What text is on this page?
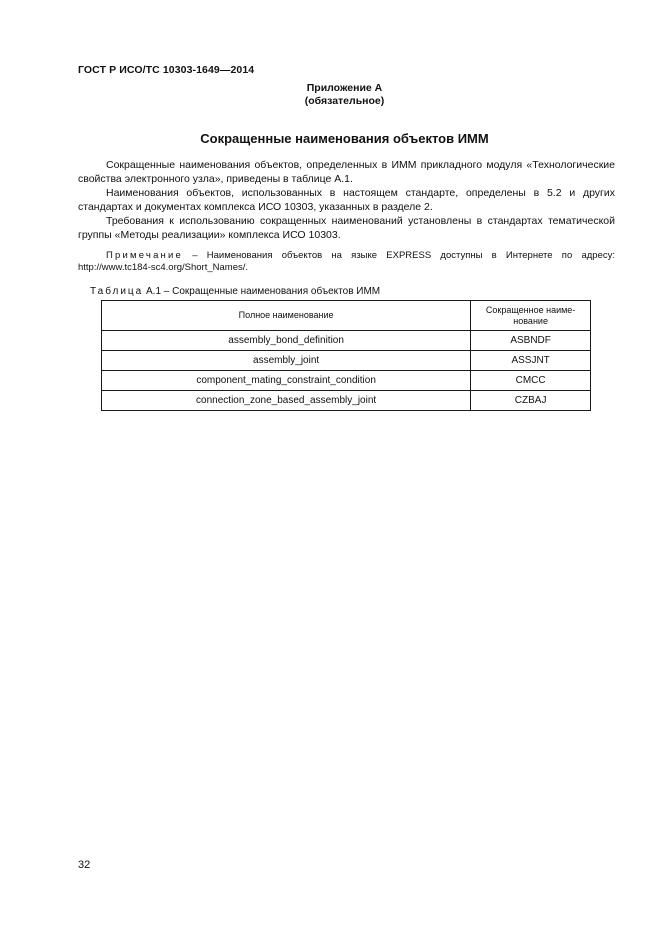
ГОСТ Р ИСО/ТС 10303-1649—2014
Приложение А
(обязательное)
Сокращенные наименования объектов ИММ

Сокращенные наименования объектов, определенных в ИММ прикладного модуля «Технологические свойства электронного узла», приведены в таблице А.1.

Наименования объектов, использованных в настоящем стандарте, определены в 5.2 и других стандартах и документах комплекса ИСО 10303, указанных в разделе 2.

Требования к использованию сокращенных наименований установлены в стандартах тематической группы «Методы реализации» комплекса ИСО 10303.

Примечание – Наименования объектов на языке EXPRESS доступны в Интернете по адресу: http://www.tc184-sc4.org/Short_Names/.
Таблица А.1 – Сокращенные наименования объектов ИММ
Полное наименование	Сокращенное наиме-
нование
assembly_bond_definition	ASBNDF
assembly_joint	ASSJNT
component_mating_constraint_condition	CMCC
connection_zone_based_assembly_joint	CZBAJ
32
